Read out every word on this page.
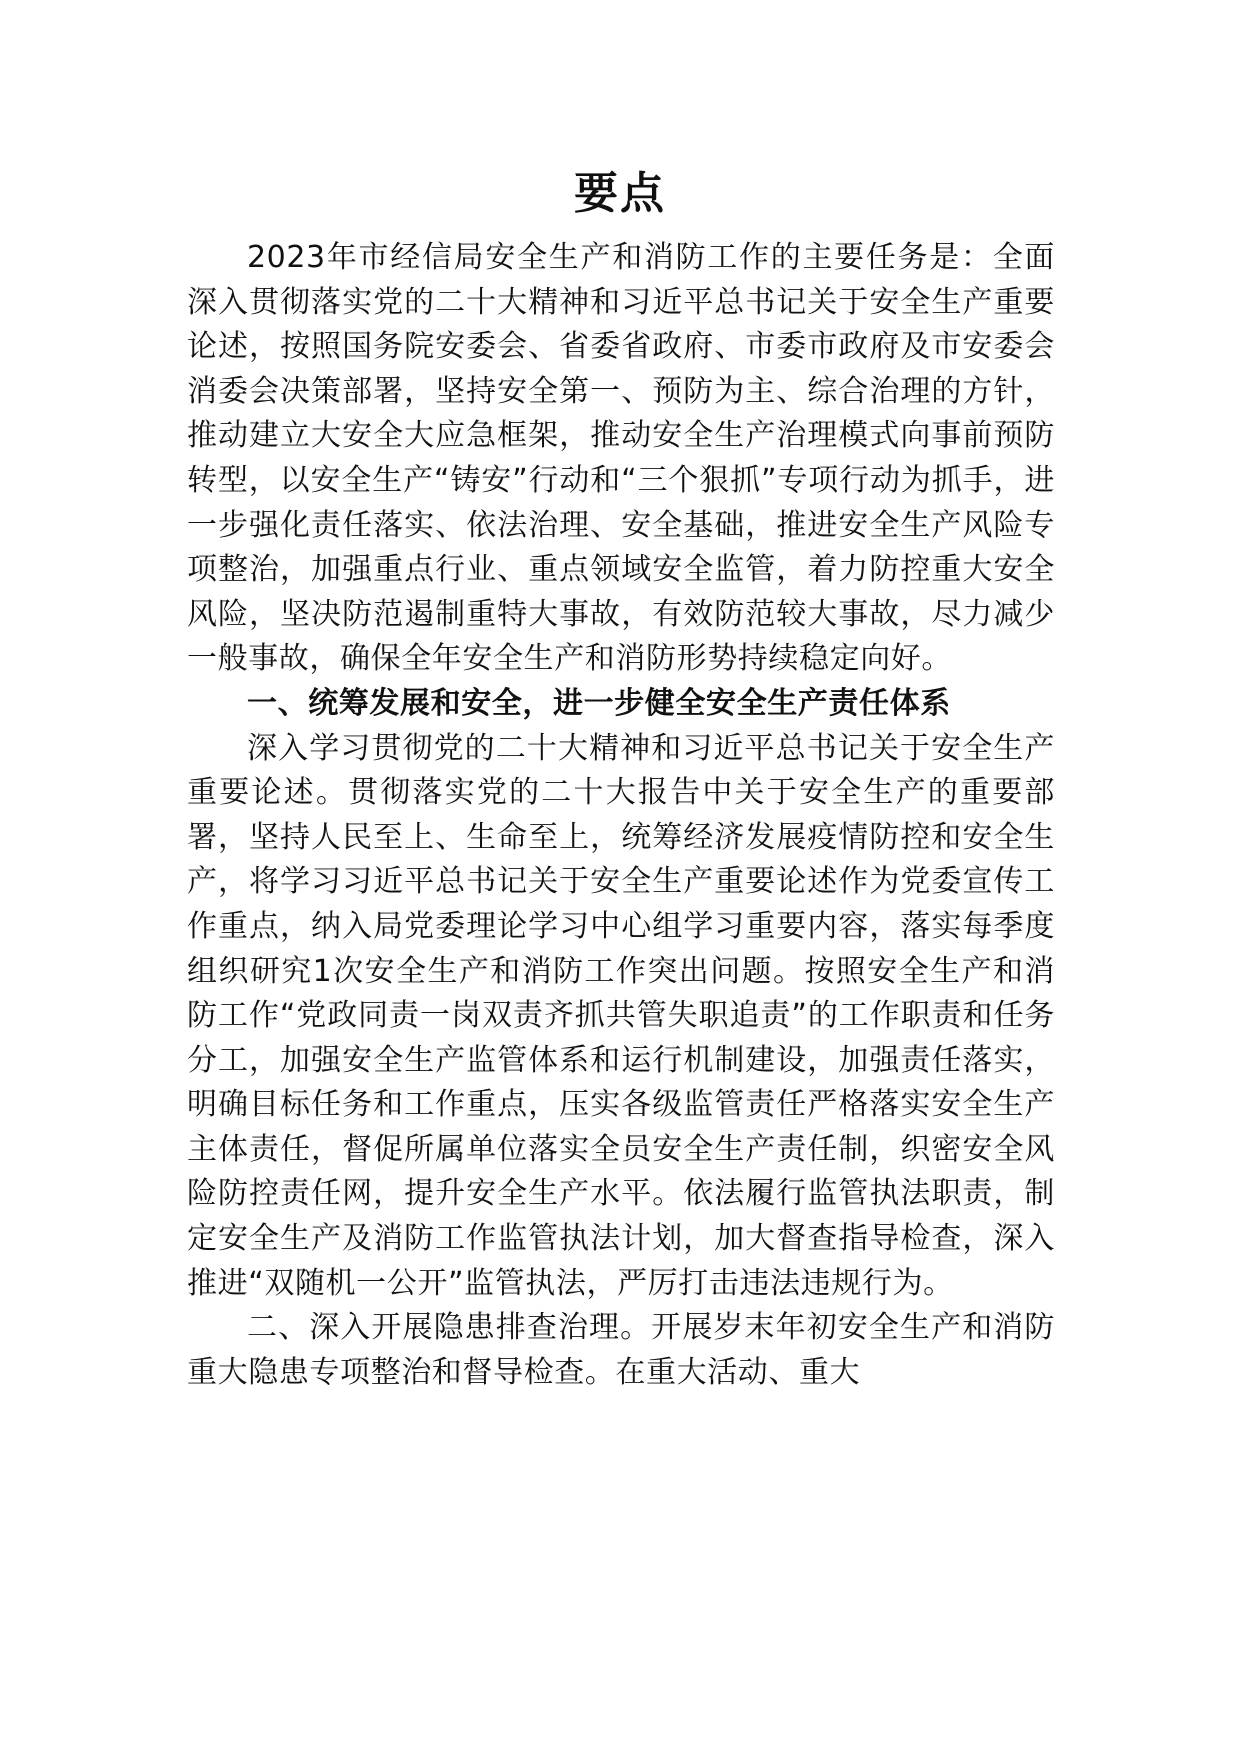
要点

2023年市经信局安全生产和消防工作的主要任务是：全面深入贯彻落实党的二十大精神和习近平总书记关于安全生产重要论述，按照国务院安委会、省委省政府、市委市政府及市安委会消委会决策部署，坚持安全第一、预防为主、综合治理的方针，推动建立大安全大应急框架，推动安全生产治理模式向事前预防转型，以安全生产“铸安”行动和“三个狠抓”专项行动为抓手，进一步强化责任落实、依法治理、安全基础，推进安全生产风险专项整治，加强重点行业、重点领域安全监管，着力防控重大安全风险，坚决防范遏制重特大事故，有效防范较大事故，尽力减少一般事故，确保全年安全生产和消防形势持续稳定向好。

一、统筹发展和安全，进一步健全安全生产责任体系

深入学习贯彻党的二十大精神和习近平总书记关于安全生产重要论述。贯彻落实党的二十大报告中关于安全生产的重要部署，坚持人民至上、生命至上，统筹经济发展疫情防控和安全生产，将学习习近平总书记关于安全生产重要论述作为党委宣传工作重点，纳入局党委理论学习中心组学习重要内容，落实每季度组织研究1次安全生产和消防工作突出问题。按照安全生产和消防工作“党政同责一岗双责齐抓共管失职追责”的工作职责和任务分工，加强安全生产监管体系和运行机制建设，加强责任落实，明确目标任务和工作重点，压实各级监管责任严格落实安全生产主体责任，督促所属单位落实全员安全生产责任制，织密安全风险防控责任网，提升安全生产水平。依法履行监管执法职责，制定安全生产及消防工作监管执法计划，加大督查指导检查，深入推进“双随机一公开”监管执法，严厉打击违法违规行为。

二、深入开展隐患排查治理。开展岁末年初安全生产和消防重大隐患专项整治和督导检查。在重大活动、重大
